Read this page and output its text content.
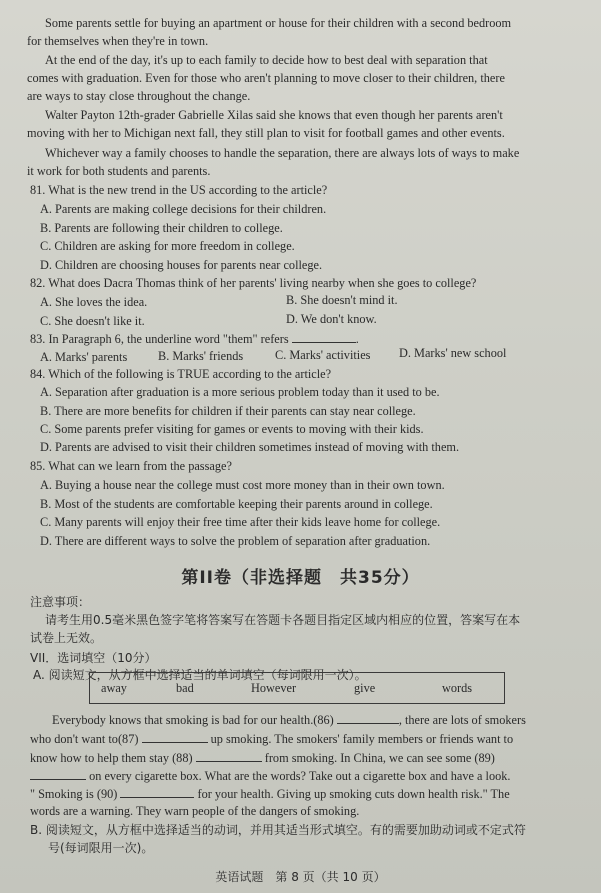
Some parents settle for buying an apartment or house for their children with a second bedroom
for themselves when they're in town.
At the end of the day, it's up to each family to decide how to best deal with separation that
comes with graduation. Even for those who aren't planning to move closer to their children, there
are ways to stay close throughout the change.
Walter Payton 12th-grader Gabrielle Xilas said she knows that even though her parents aren't
moving with her to Michigan next fall, they still plan to visit for football games and other events.
Whichever way a family chooses to handle the separation, there are always lots of ways to make
it work for both students and parents.
81. What is the new trend in the US according to the article?
A. Parents are making college decisions for their children.
B. Parents are following their children to college.
C. Children are asking for more freedom in college.
D. Children are choosing houses for parents near college.
82. What does Dacra Thomas think of her parents' living nearby when she goes to college?
A. She loves the idea.	B. She doesn't mind it.
C. She doesn't like it.	D. We don't know.
83. In Paragraph 6, the underline word "them" refers	.
A. Marks' parents	B. Marks' friends	C. Marks' activities D. Marks' new school
84. Which of the following is TRUE according to the article?
A. Separation after graduation is a more serious problem today than it used to be.
B. There are more benefits for children if their parents can stay near college.
C. Some parents prefer visiting for games or events to moving with their kids.
D. Parents are advised to visit their children sometimes instead of moving with them.
85. What can we learn from the passage?
A. Buying a house near the college must cost more money than in their own town.
B. Most of the students are comfortable keeping their parents around in college.
C. Many parents will enjoy their free time after their kids leave home for college.
D. There are different ways to solve the problem of separation after graduation.
第II卷（非选择题　共35分）
注意事项：
请考生用0.5毫米黑色签字笔将答案写在答题卡各题目指定区域内相应的位置，答案写在本
试卷上无效。
VII．选词填空（10分）
A. 阅读短文，从方框中选择适当的单词填空（每词限用一次）。
away	bad	However	give	words
Everybody knows that smoking is bad for our health.(86)	, there are lots of smokers
who don't want to(87)	up smoking. The smokers' family members or friends want to
know how to help them stay (88)	from smoking. In China, we can see some (89)
on every cigarette box. What are the words? Take out a cigarette box and have a look.
" Smoking is (90)	for your health. Giving up smoking cuts down health risk." The
words are a warning. They warn people of the dangers of smoking.
B. 阅读短文，从方框中选择适当的动词，并用其适当形式填空。有的需要加助动词或不定式符
号(每词限用一次)。
英语试题　第 8 页（共 10 页）
